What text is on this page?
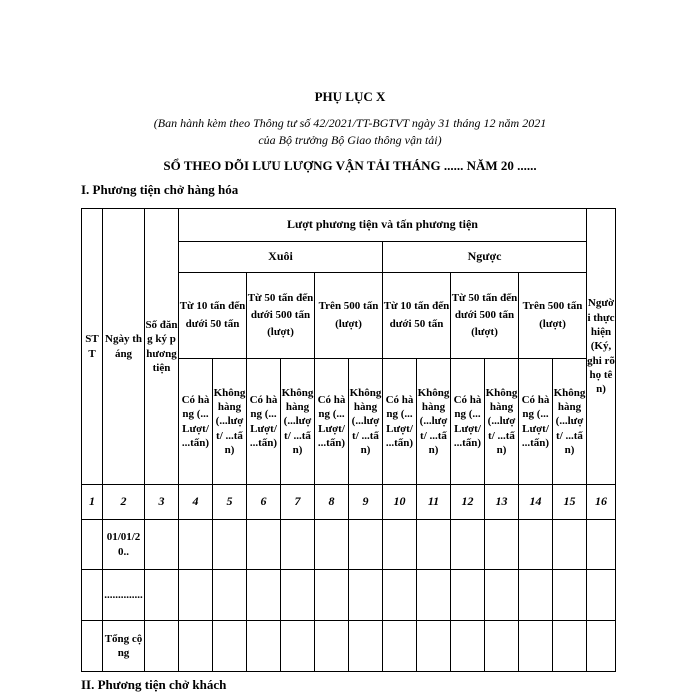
PHỤ LỤC X
(Ban hành kèm theo Thông tư số 42/2021/TT-BGTVT ngày 31 tháng 12 năm 2021
của Bộ trưởng Bộ Giao thông vận tải)
SỔ THEO DÕI LƯU LƯỢNG VẬN TẢI THÁNG ...... NĂM 20 ......
I. Phương tiện chở hàng hóa
STT	Ngày tháng	Số đăng ký phương tiện	Lượt phương tiện và tấn phương tiện												Người thực hiện (Ký, ghi rõ họ tên)
			Xuôi						Ngược						
			Từ 10 tấn đến dưới 50 tấn		Từ 50 tấn đến dưới 500 tấn (lượt)		Trên 500 tấn (lượt)		Từ 10 tấn đến dưới 50 tấn		Từ 50 tấn đến dưới 500 tấn (lượt)		Trên 500 tấn (lượt)		
			Có hàng (...Lượt/ ...tấn)	Không hàng (...lượt/ ...tấn)	Có hàng (...Lượt/ ...tấn)	Không hàng (...lượt/ ...tấn)	Có hàng (...Lượt/ ...tấn)	Không hàng (...lượt/ ...tấn)	Có hàng (...Lượt/ ...tấn)	Không hàng (...lượt/ ...tấn)	Có hàng (...Lượt/ ...tấn)	Không hàng (...lượt/ ...tấn)	Có hàng (...Lượt/ ...tấn)	Không hàng (...lượt/ ...tấn)	
1	2	3	4	5	6	7	8	9	10	11	12	13	14	15	16
	01/01/20..														
	..............														
	Tổng cộng														
II. Phương tiện chở khách
